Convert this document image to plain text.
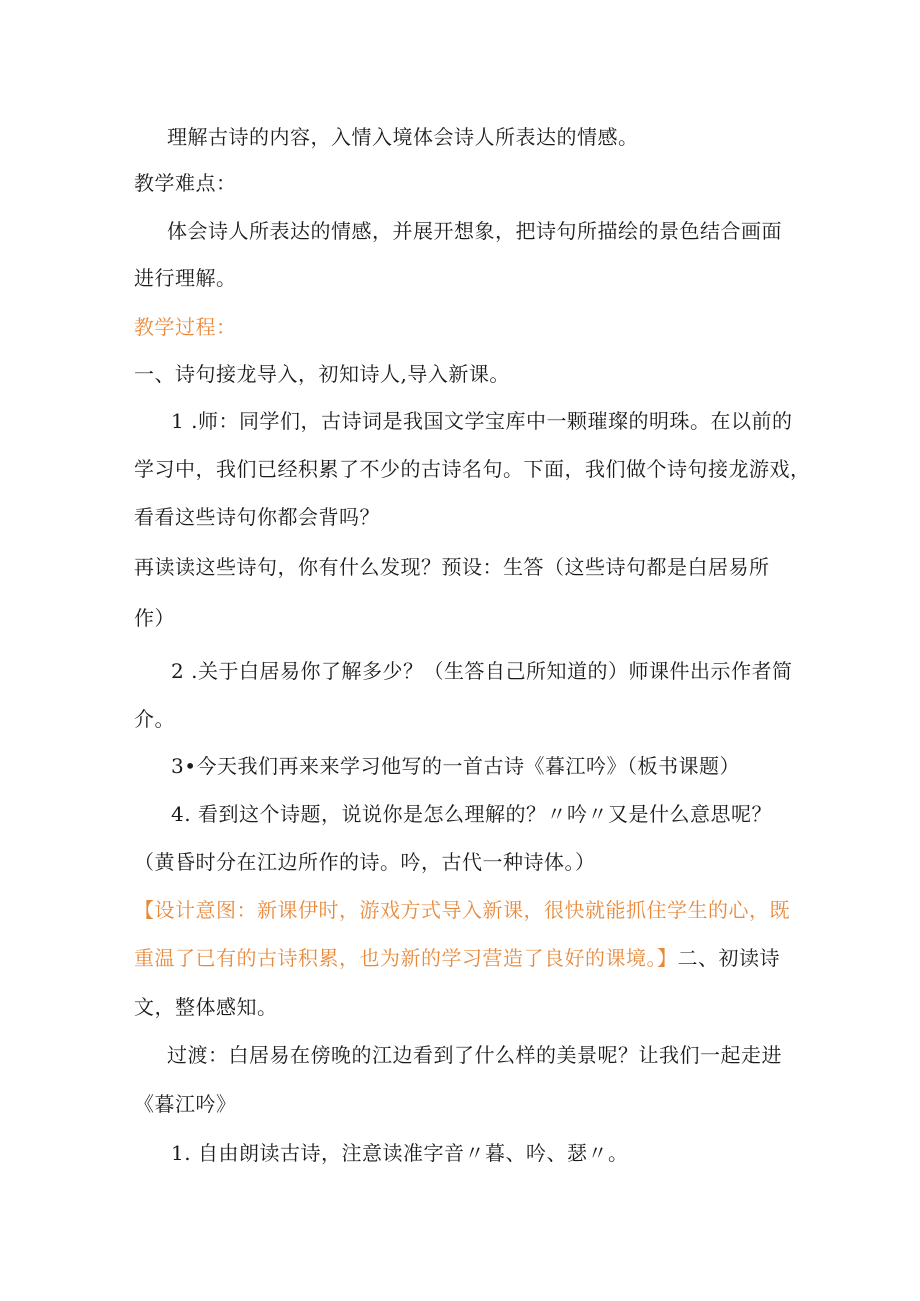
理解古诗的内容，入情入境体会诗人所表达的情感。
教学难点：
体会诗人所表达的情感，并展开想象，把诗句所描绘的景色结合画面
进行理解。
教学过程：
一、诗句接龙导入，初知诗人,导入新课。
1 .师：同学们，古诗词是我国文学宝库中一颗璀璨的明珠。在以前的
学习中，我们已经积累了不少的古诗名句。下面，我们做个诗句接龙游戏，
看看这些诗句你都会背吗？
再读读这些诗句，你有什么发现？预设：生答（这些诗句都是白居易所
作）
2 .关于白居易你了解多少？（生答自己所知道的）师课件出示作者简
介。
3•今天我们再来来学习他写的一首古诗《暮江吟》（板书课题）
4. 看到这个诗题，说说你是怎么理解的？〃吟〃又是什么意思呢？
（黄昏时分在江边所作的诗。吟，古代一种诗体。）
【设计意图：新课伊时，游戏方式导入新课，很快就能抓住学生的心，既
重温了已有的古诗积累，也为新的学习营造了良好的课境。】二、初读诗
文，整体感知。
过渡：白居易在傍晚的江边看到了什么样的美景呢？让我们一起走进
《暮江吟》
1. 自由朗读古诗，注意读准字音〃暮、吟、瑟〃。
